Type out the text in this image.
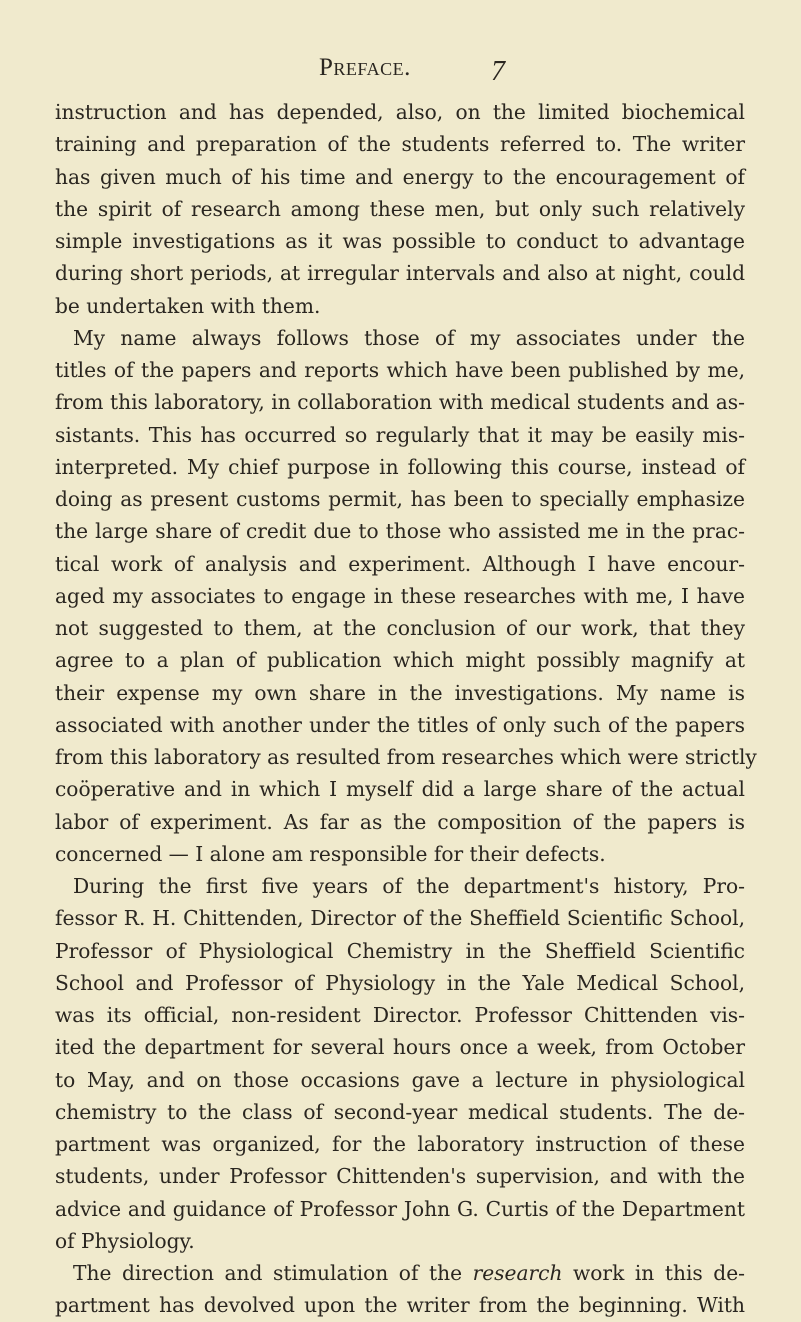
Preface.	7
instruction and has depended, also, on the limited biochemical
training and preparation of the students referred to. The writer
has given much of his time and energy to the encouragement of
the spirit of research among these men, but only such relatively
simple investigations as it was possible to conduct to advantage
during short periods, at irregular intervals and also at night, could
be undertaken with them.
My name always follows those of my associates under the
titles of the papers and reports which have been published by me,
from this laboratory, in collaboration with medical students and as-
sistants. This has occurred so regularly that it may be easily mis-
interpreted. My chief purpose in following this course, instead of
doing as present customs permit, has been to specially emphasize
the large share of credit due to those who assisted me in the prac-
tical work of analysis and experiment. Although I have encour-
aged my associates to engage in these researches with me, I have
not suggested to them, at the conclusion of our work, that they
agree to a plan of publication which might possibly magnify at
their expense my own share in the investigations. My name is
associated with another under the titles of only such of the papers
from this laboratory as resulted from researches which were strictly
coöperative and in which I myself did a large share of the actual
labor of experiment. As far as the composition of the papers is
concerned — I alone am responsible for their defects.
During the first five years of the department's history, Pro-
fessor R. H. Chittenden, Director of the Sheffield Scientific School,
Professor of Physiological Chemistry in the Sheffield Scientific
School and Professor of Physiology in the Yale Medical School,
was its official, non-resident Director. Professor Chittenden vis-
ited the department for several hours once a week, from October
to May, and on those occasions gave a lecture in physiological
chemistry to the class of second-year medical students. The de-
partment was organized, for the laboratory instruction of these
students, under Professor Chittenden's supervision, and with the
advice and guidance of Professor John G. Curtis of the Department
of Physiology.
The direction and stimulation of the research work in this de-
partment has devolved upon the writer from the beginning. With
